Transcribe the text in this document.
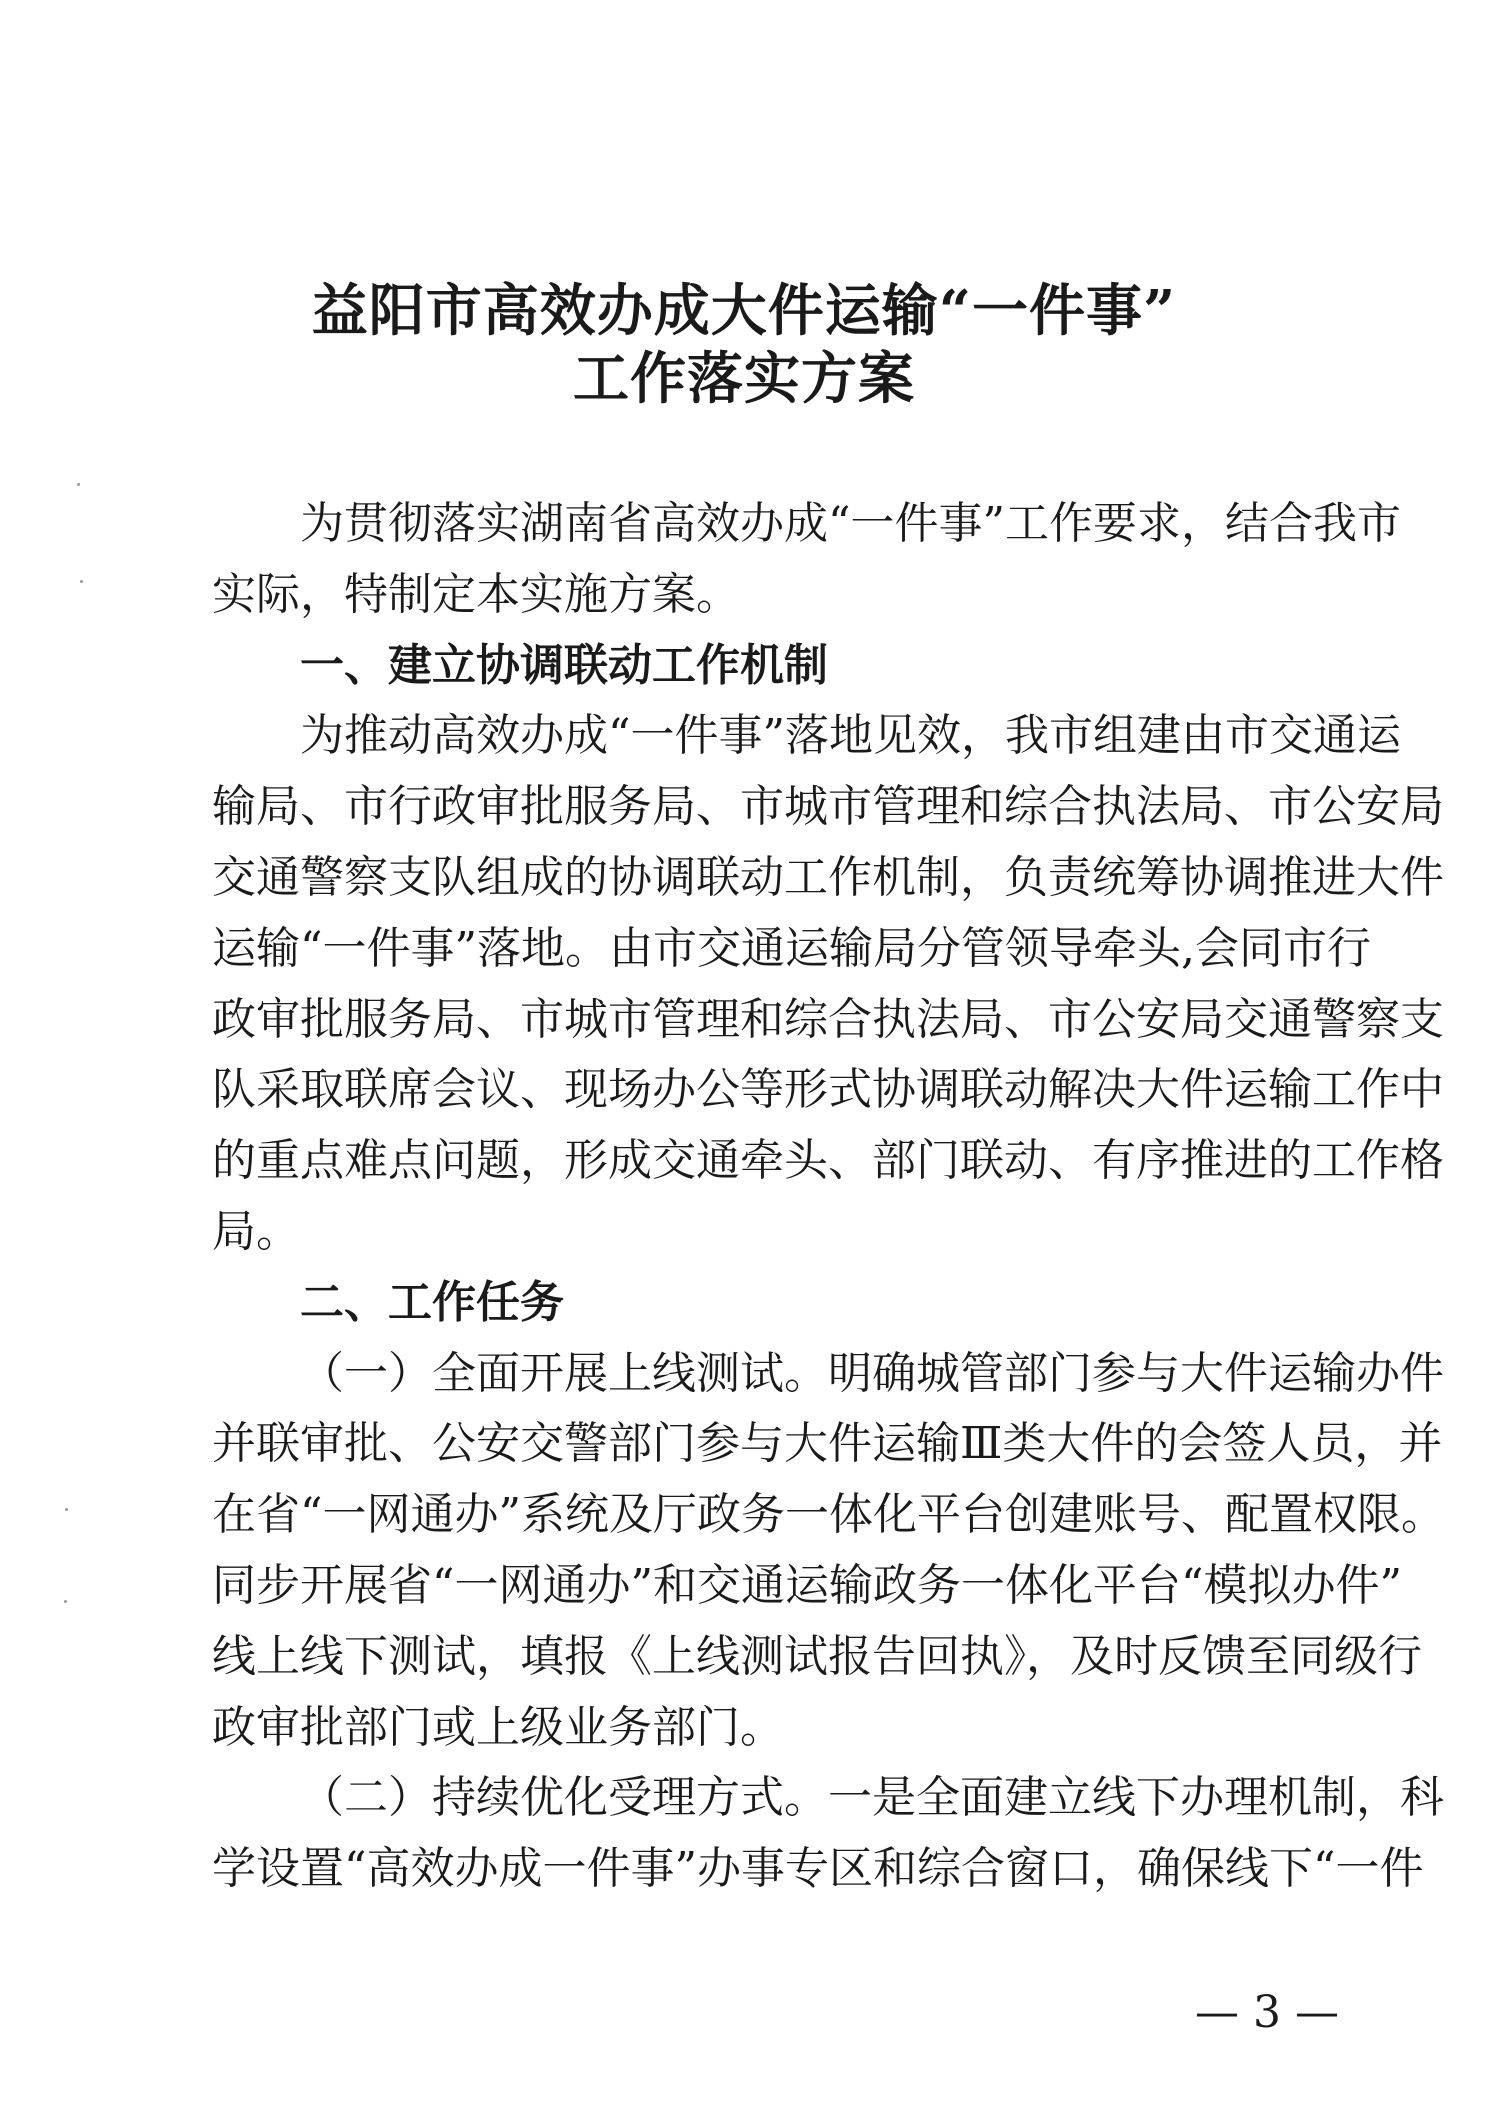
益阳市高效办成大件运输“一件事”
工作落实方案
为贯彻落实湖南省高效办成“一件事”工作要求，结合我市
实际，特制定本实施方案。
一、建立协调联动工作机制
为推动高效办成“一件事”落地见效，我市组建由市交通运
输局、市行政审批服务局、市城市管理和综合执法局、市公安局
交通警察支队组成的协调联动工作机制，负责统筹协调推进大件
运输“一件事”落地。由市交通运输局分管领导牵头,会同市行
政审批服务局、市城市管理和综合执法局、市公安局交通警察支
队采取联席会议、现场办公等形式协调联动解决大件运输工作中
的重点难点问题，形成交通牵头、部门联动、有序推进的工作格
局。
二、工作任务
（一）全面开展上线测试。明确城管部门参与大件运输办件
并联审批、公安交警部门参与大件运输Ⅲ类大件的会签人员，并
在省“一网通办”系统及厅政务一体化平台创建账号、配置权限。
同步开展省“一网通办”和交通运输政务一体化平台“模拟办件”
线上线下测试，填报《上线测试报告回执》，及时反馈至同级行
政审批部门或上级业务部门。
（二）持续优化受理方式。一是全面建立线下办理机制，科
学设置“高效办成一件事”办事专区和综合窗口，确保线下“一件
— 3 —
